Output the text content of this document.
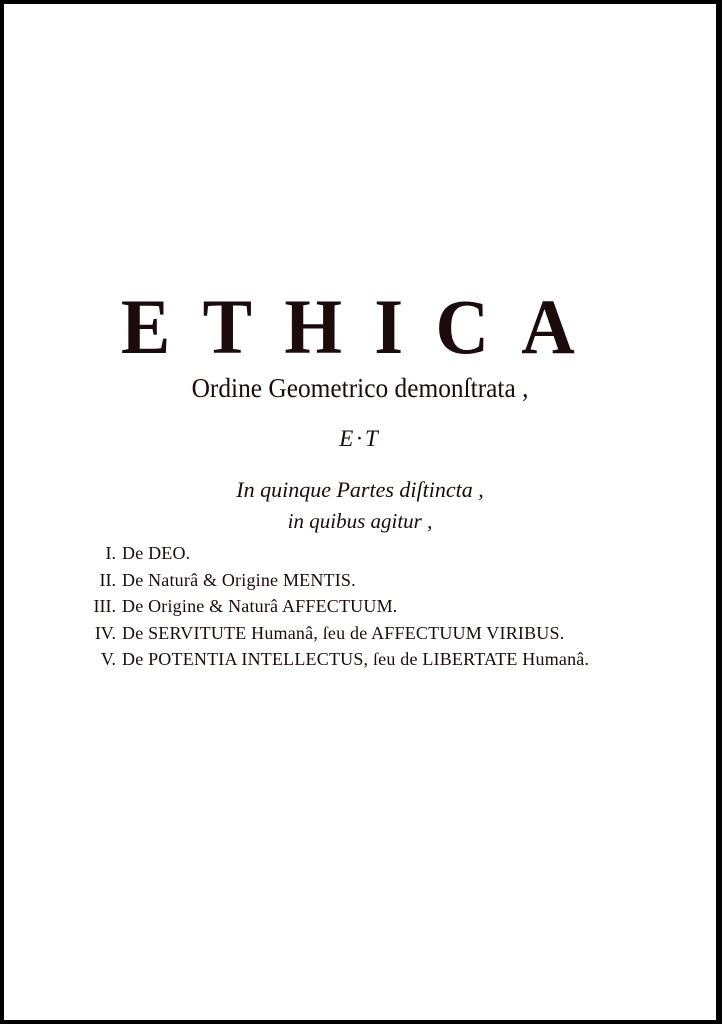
ETHICA
Ordine Geometrico demonſtrata ,
E·T
In quinque Partes diſtincta ,
in quibus agitur ,
I. De DEO.
II. De Naturâ & Origine MENTIS.
III. De Origine & Naturâ AFFECTUUM.
IV. De SERVITUTE Humanâ, ſeu de AFFECTUUM VIRIBUS.
V. De POTENTIA INTELLECTUS, ſeu de LIBERTATE Humanâ.
